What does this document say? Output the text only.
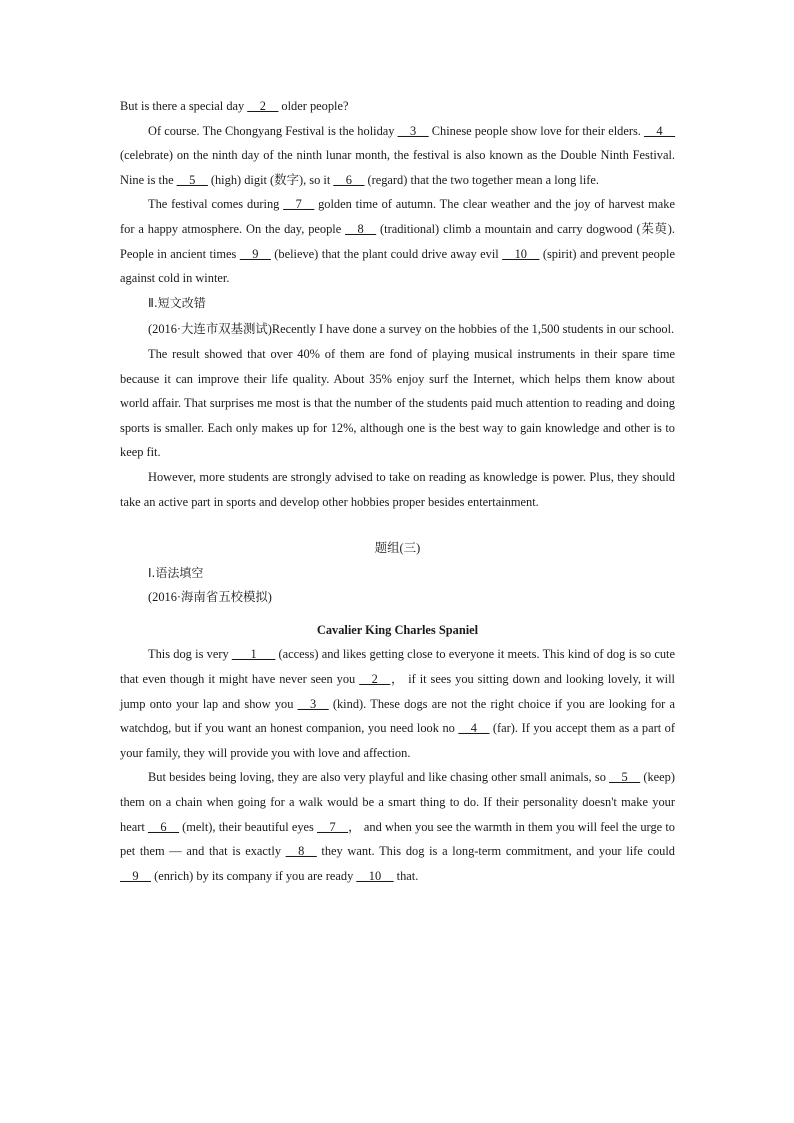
But is there a special day __2__ older people?

Of course. The Chongyang Festival is the holiday __3__ Chinese people show love for their elders. __4__ (celebrate) on the ninth day of the ninth lunar month, the festival is also known as the Double Ninth Festival. Nine is the __5__ (high) digit (数字), so it __6__ (regard) that the two together mean a long life.

The festival comes during __7__ golden time of autumn. The clear weather and the joy of harvest make for a happy atmosphere. On the day, people __8__ (traditional) climb a mountain and carry dogwood (茱萸). People in ancient times __9__ (believe) that the plant could drive away evil __10__ (spirit) and prevent people against cold in winter.

Ⅱ.短文改错

(2016·大连市双基测试)Recently I have done a survey on the hobbies of the 1,500 students in our school.

The result showed that over 40% of them are fond of playing musical instruments in their spare time because it can improve their life quality. About 35% enjoy surf the Internet, which helps them know about world affair. That surprises me most is that the number of the students paid much attention to reading and doing sports is smaller. Each only makes up for 12%, although one is the best way to gain knowledge and other is to keep fit.

However, more students are strongly advised to take on reading as knowledge is power. Plus, they should take an active part in sports and develop other hobbies proper besides entertainment.

题组(三)

Ⅰ.语法填空

(2016·海南省五校模拟)

Cavalier King Charles Spaniel

This dog is very ___1___ (access) and likes getting close to everyone it meets. This kind of dog is so cute that even though it might have never seen you __2__， if it sees you sitting down and looking lovely, it will jump onto your lap and show you __3__ (kind). These dogs are not the right choice if you are looking for a watchdog, but if you want an honest companion, you need look no __4__ (far). If you accept them as a part of your family, they will provide you with love and affection.

But besides being loving, they are also very playful and like chasing other small animals, so __5__ (keep) them on a chain when going for a walk would be a smart thing to do. If their personality doesn't make your heart __6__ (melt), their beautiful eyes __7__， and when you see the warmth in them you will feel the urge to pet them — and that is exactly __8__ they want. This dog is a long‐term commitment, and your life could __9__ (enrich) by its company if you are ready __10__ that.
